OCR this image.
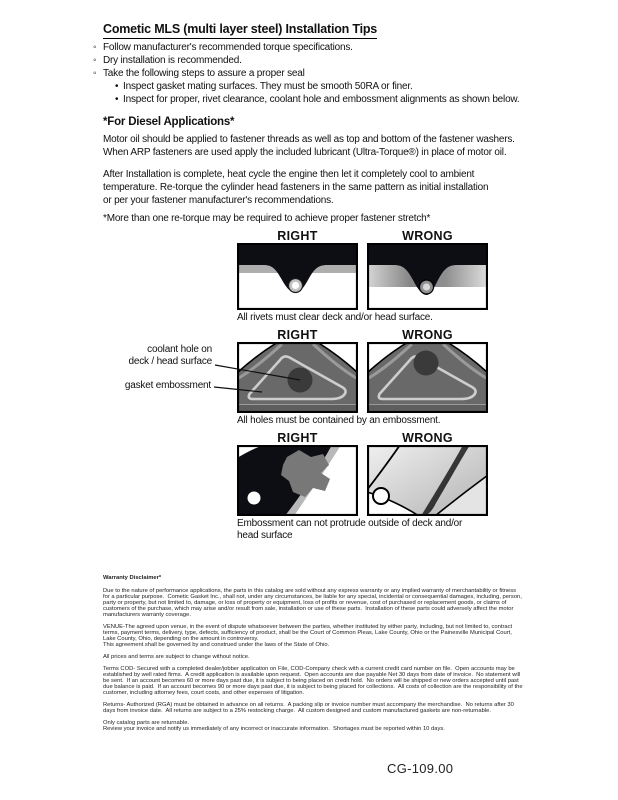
Cometic MLS (multi layer steel) Installation Tips
◦ Follow manufacturer's recommended torque specifications.
◦ Dry installation is recommended.
◦ Take the following steps to assure a proper seal
• Inspect gasket mating surfaces. They must be smooth 50RA or finer.
• Inspect for proper, rivet clearance, coolant hole and embossment alignments as shown below.
*For Diesel Applications*
Motor oil should be applied to fastener threads as well as top and bottom of the fastener washers.
When ARP fasteners are used apply the included lubricant (Ultra-Torque®) in place of motor oil.
After Installation is complete, heat cycle the engine then let it completely cool to ambient
temperature. Re-torque the cylinder head fasteners in the same pattern as initial installation
or per your fastener manufacturer's recommendations.
*More than one re-torque may be required to achieve proper fastener stretch*
RIGHT	WRONG
All rivets must clear deck and/or head surface.
RIGHT	WRONG
coolant hole on
deck / head surface
gasket embossment
All holes must be contained by an embossment.
RIGHT	WRONG
Embossment can not protrude outside of deck and/or head surface
Warranty Disclaimer*

Due to the nature of performance applications, the parts in this catalog are sold without any express warranty or any implied warranty of merchantability or fitness for a particular purpose.  Cometic Gasket Inc., shall not, under any circumstances, be liable for any special, incidental or consequential damages, including, person, party or property, but not limited to, damage, or loss of property or equipment, loss of profits or revenue, cost of purchased or replacement goods, or claims of customers of the purchase, which may arise and/or result from sale, installation or use of these parts.  Installation of these parts could adversely affect the motor manufacturers warranty coverage.

VENUE-The agreed upon venue, in the event of dispute whatsoever between the parties, whether instituted by either party, including, but not limited to, contract terms, payment terms, delivery, type, defects, sufficiency of product, shall be the Court of Common Pleas, Lake County, Ohio or the Painesville Municipal Court, Lake County, Ohio, depending on the amount in controversy.

This agreement shall be governed by and construed under the laws of the State of Ohio.

All prices and terms are subject to change without notice.

Terms COD- Secured with a completed dealer/jobber application on File, COD-Company check with a current credit card number on file.  Open accounts may be established by well rated firms.  A credit application is available upon request.  Open accounts are due payable Net 30 days from date of invoice.  No statement will be sent.  If an account becomes 60 or more days past due, it is subject to being placed on credit hold.  No orders will be shipped or new orders accepted until past due balance is paid.  If an account becomes 90 or more days past due, it is subject to being placed for collections.  All costs of collection are the responsibility of the customer, including attorney fees, court costs, and other expenses of litigation.

Returns- Authorized (RGA) must be obtained in advance on all returns.  A packing slip or invoice number must accompany the merchandise.  No returns after 30 days from invoice date.  All returns are subject to a 25% restocking charge.  All custom designed and custom manufactured gaskets are non-returnable.

Only catalog parts are returnable.

Review your invoice and notify us immediately of any incorrect or inaccurate information.  Shortages must be reported within 10 days.

CG-109.00
